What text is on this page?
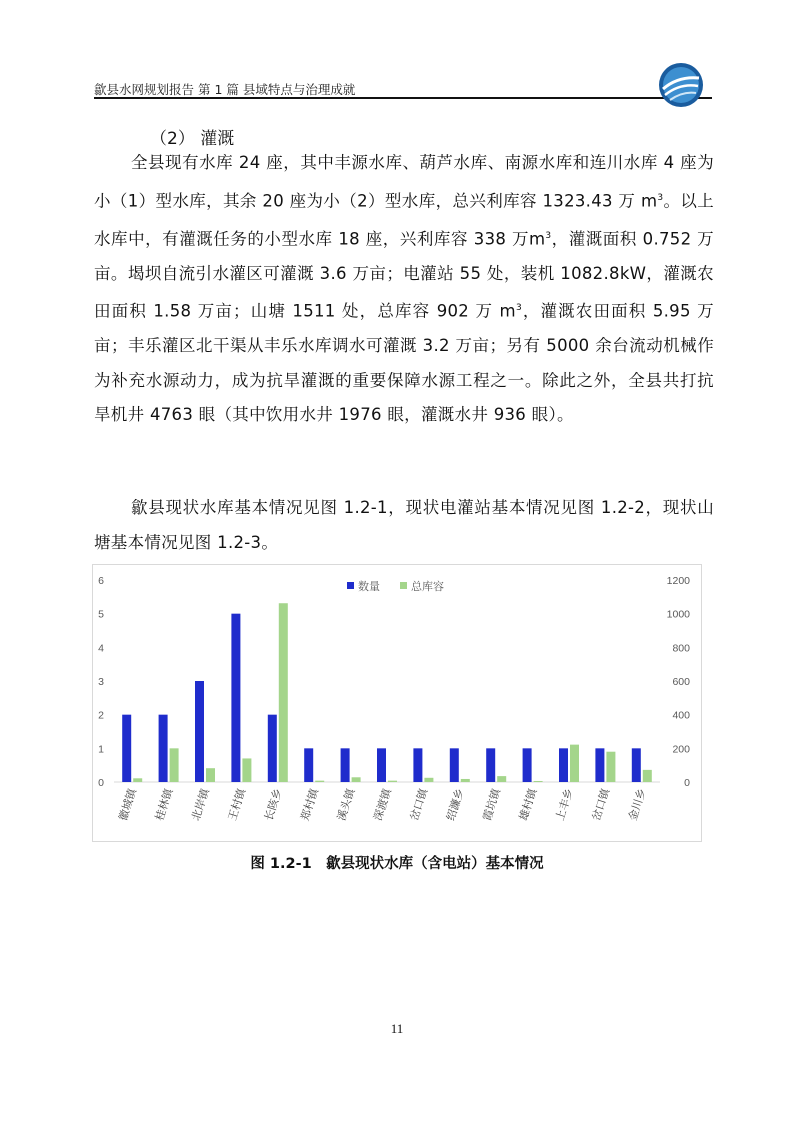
歙县水网规划报告 第 1 篇 县域特点与治理成就
（2） 灌溉

全县现有水库 24 座，其中丰源水库、葫芦水库、南源水库和连川水库 4 座为小（1）型水库，其余 20 座为小（2）型水库，总兴利库容 1323.43 万 $m^3$。以上水库中，有灌溉任务的小型水库 18 座，兴利库容 338 万$m^3$，灌溉面积 0.752 万亩。堨坝自流引水灌区可灌溉 3.6 万亩；电灌站 55 处，装机 1082.8kW，灌溉农田面积 1.58 万亩；山塘 1511 处，总库容 902 万 $m^3$，灌溉农田面积 5.95 万亩；丰乐灌区北干渠从丰乐水库调水可灌溉 3.2 万亩；另有 5000 余台流动机械作为补充水源动力，成为抗旱灌溉的重要保障水源工程之一。除此之外，全县共打抗旱机井 4763 眼（其中饮用水井 1976 眼，灌溉水井 936 眼）。

歙县现状水库基本情况见图 1.2-1，现状电灌站基本情况见图 1.2-2，现状山塘基本情况见图 1.2-3。

0
1
2
3
4
5
6
0
200
400
600
800
1000
1200
徽城镇 桂林镇 北岸镇 王村镇 长陔乡 郑村镇 溪头镇 深渡镇 岔口镇 绍濂乡 霞坑镇 雄村镇 上丰乡 岔口镇 金川乡
数量	总库容
图 1.2-1　歙县现状水库（含电站）基本情况
11
